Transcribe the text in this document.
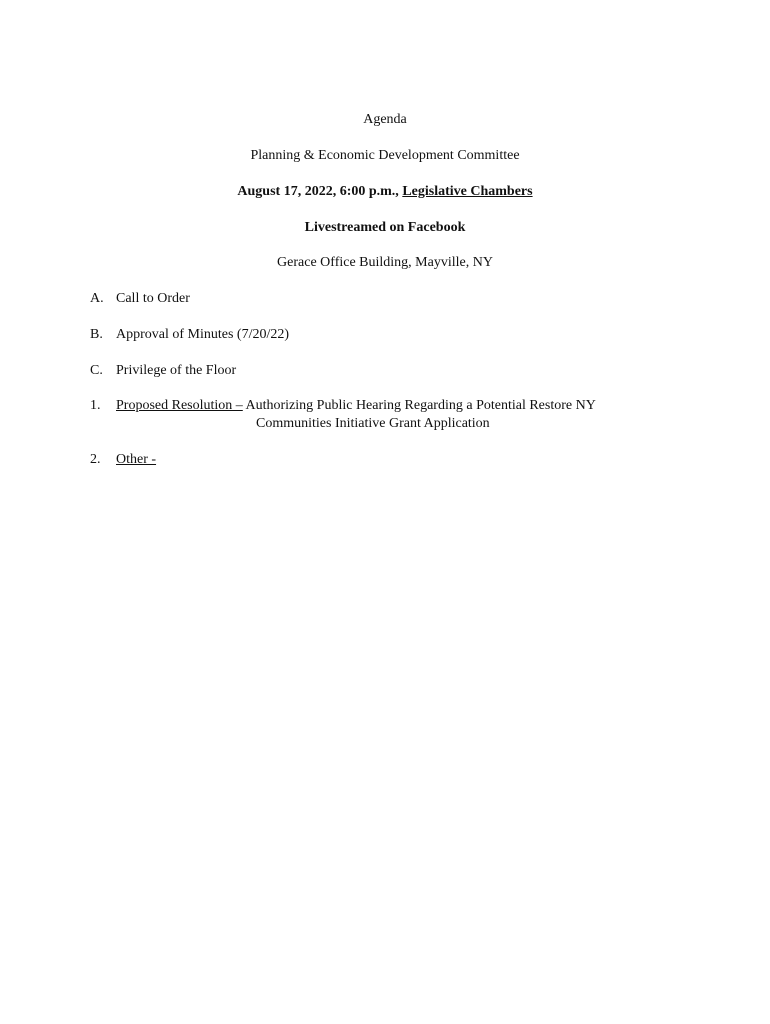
Agenda
Planning & Economic Development Committee
August 17, 2022, 6:00 p.m., Legislative Chambers
Livestreamed on Facebook
Gerace Office Building, Mayville, NY
A. Call to Order
B. Approval of Minutes (7/20/22)
C. Privilege of the Floor
1. Proposed Resolution – Authorizing Public Hearing Regarding a Potential Restore NY
Communities Initiative Grant Application
2. Other -
